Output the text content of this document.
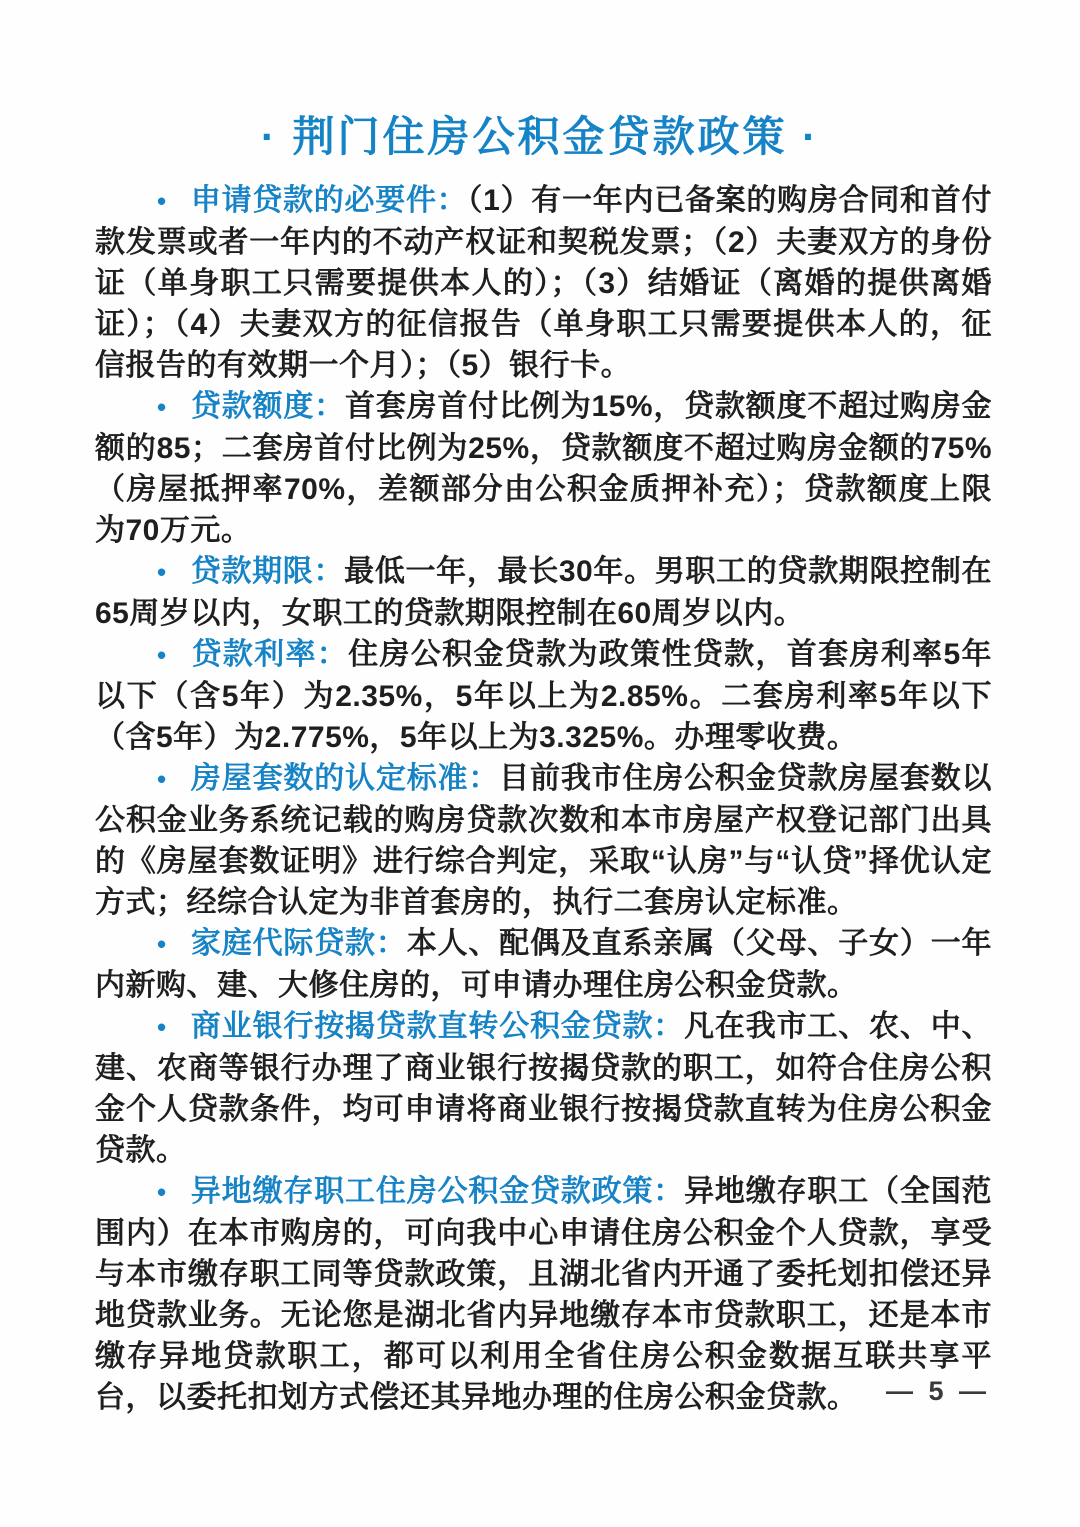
· 荆门住房公积金贷款政策 ·

• 申请贷款的必要件：（1）有一年内已备案的购房合同和首付款发票或者一年内的不动产权证和契税发票；（2）夫妻双方的身份证（单身职工只需要提供本人的）；（3）结婚证（离婚的提供离婚证）；（4）夫妻双方的征信报告（单身职工只需要提供本人的，征信报告的有效期一个月）；（5）银行卡。

• 贷款额度：首套房首付比例为15%，贷款额度不超过购房金额的85；二套房首付比例为25%，贷款额度不超过购房金额的75%（房屋抵押率70%，差额部分由公积金质押补充）；贷款额度上限为70万元。

• 贷款期限：最低一年，最长30年。男职工的贷款期限控制在65周岁以内，女职工的贷款期限控制在60周岁以内。

• 贷款利率：住房公积金贷款为政策性贷款，首套房利率5年以下（含5年）为2.35%，5年以上为2.85%。二套房利率5年以下（含5年）为2.775%，5年以上为3.325%。办理零收费。

• 房屋套数的认定标准：目前我市住房公积金贷款房屋套数以公积金业务系统记载的购房贷款次数和本市房屋产权登记部门出具的《房屋套数证明》进行综合判定，采取“认房”与“认贷”择优认定方式；经综合认定为非首套房的，执行二套房认定标准。

• 家庭代际贷款：本人、配偶及直系亲属（父母、子女）一年内新购、建、大修住房的，可申请办理住房公积金贷款。

• 商业银行按揭贷款直转公积金贷款：凡在我市工、农、中、建、农商等银行办理了商业银行按揭贷款的职工，如符合住房公积金个人贷款条件，均可申请将商业银行按揭贷款直转为住房公积金贷款。

• 异地缴存职工住房公积金贷款政策：异地缴存职工（全国范围内）在本市购房的，可向我中心申请住房公积金个人贷款，享受与本市缴存职工同等贷款政策，且湖北省内开通了委托划扣偿还异地贷款业务。无论您是湖北省内异地缴存本市贷款职工，还是本市缴存异地贷款职工，都可以利用全省住房公积金数据互联共享平台，以委托扣划方式偿还其异地办理的住房公积金贷款。	— 5 —
